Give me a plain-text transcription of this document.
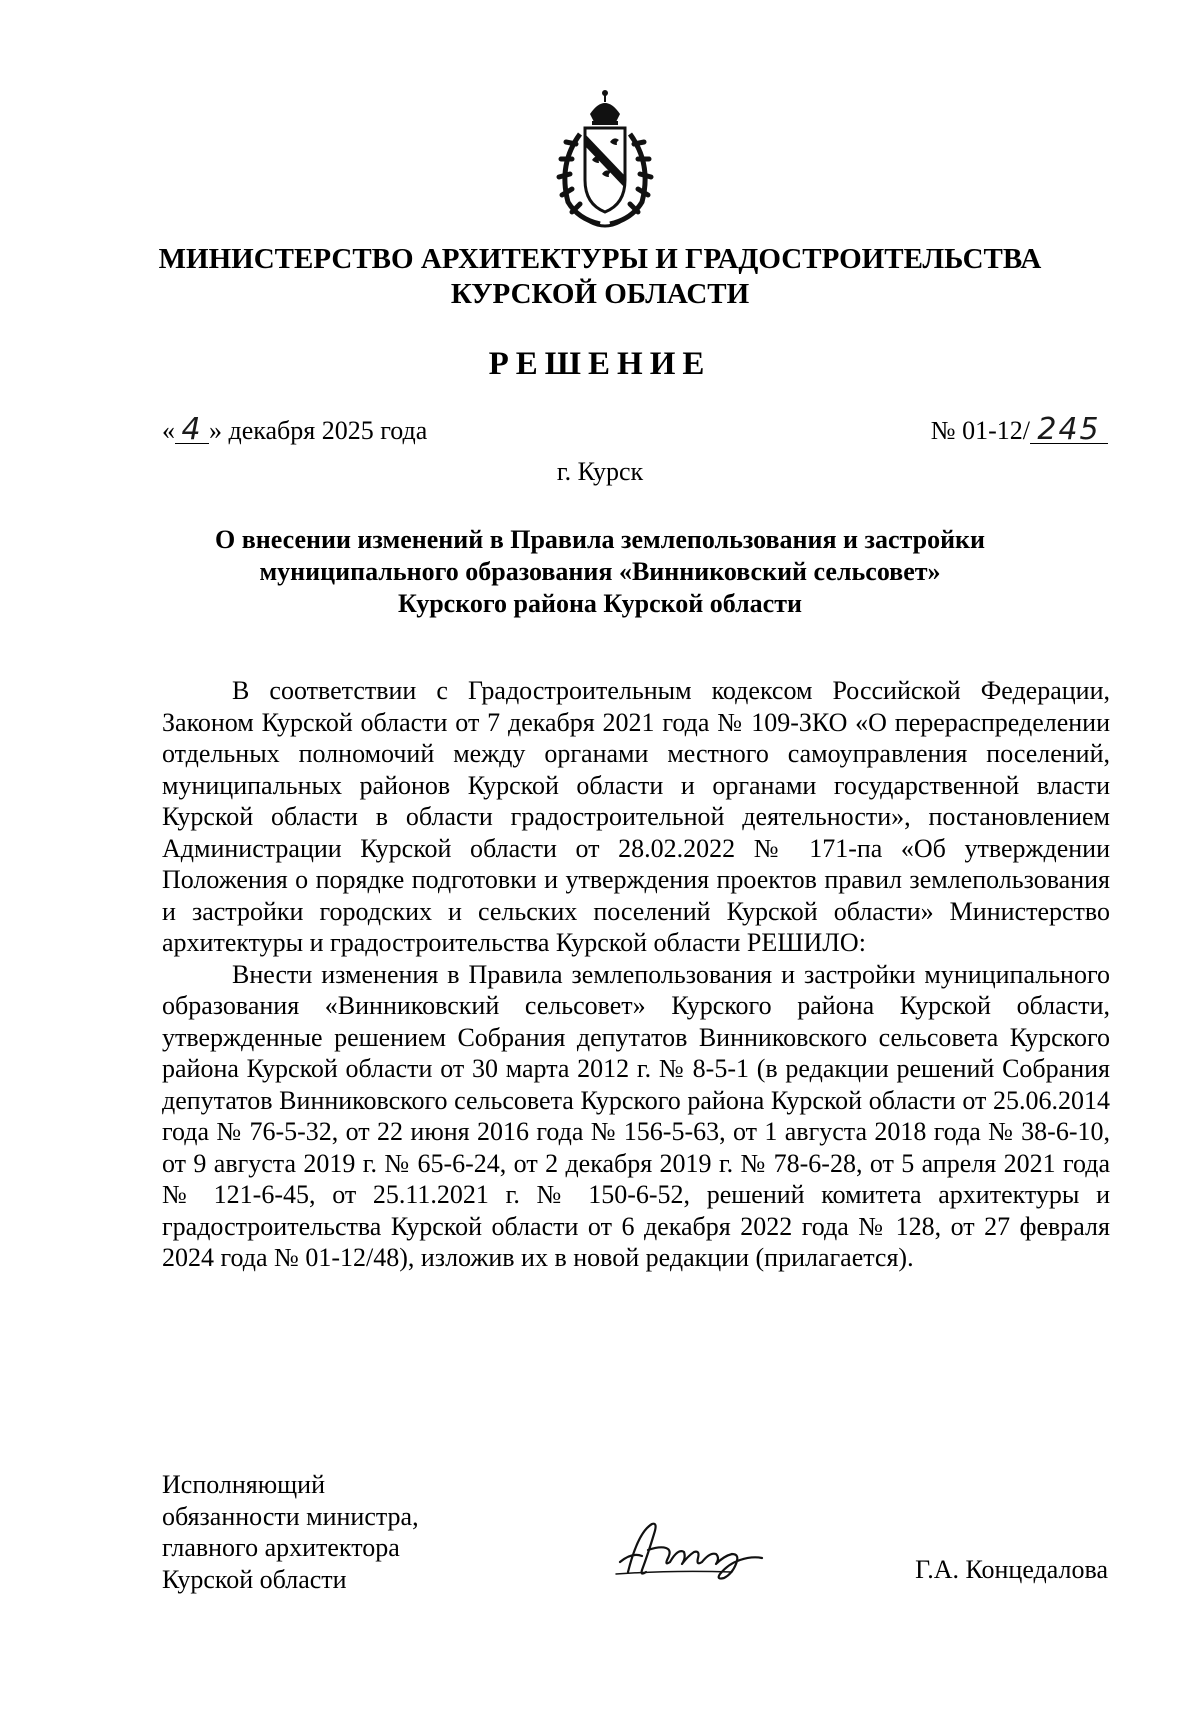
МИНИСТЕРСТВО АРХИТЕКТУРЫ И ГРАДОСТРОИТЕЛЬСТВА
КУРСКОЙ ОБЛАСТИ
РЕШЕНИЕ
« 4 » декабря 2025 года	№ 01-12/ 245
г. Курск
О внесении изменений в Правила землепользования и застройки
муниципального образования «Винниковский сельсовет»
Курского района Курской области

В соответствии с Градостроительным кодексом Российской Федерации, Законом Курской области от 7 декабря 2021 года № 109-ЗКО «О перераспределении отдельных полномочий между органами местного самоуправления поселений, муниципальных районов Курской области и органами государственной власти Курской области в области градостроительной деятельности», постановлением Администрации Курской области от 28.02.2022 № 171-па «Об утверждении Положения о порядке подготовки и утверждения проектов правил землепользования и застройки городских и сельских поселений Курской области» Министерство архитектуры и градостроительства Курской области РЕШИЛО:

Внести изменения в Правила землепользования и застройки муниципального образования «Винниковский сельсовет» Курского района Курской области, утвержденные решением Собрания депутатов Винниковского сельсовета Курского района Курской области от 30 марта 2012 г. № 8-5-1 (в редакции решений Собрания депутатов Винниковского сельсовета Курского района Курской области от 25.06.2014 года № 76-5-32, от 22 июня 2016 года № 156-5-63, от 1 августа 2018 года № 38-6-10, от 9 августа 2019 г. № 65-6-24, от 2 декабря 2019 г. № 78-6-28, от 5 апреля 2021 года № 121-6-45, от 25.11.2021 г. № 150-6-52, решений комитета архитектуры и градостроительства Курской области от 6 декабря 2022 года № 128, от 27 февраля 2024 года № 01-12/48), изложив их в новой редакции (прилагается).

Исполняющий
обязанности министра,
главного архитектора
Курской области	Г.А. Концедалова
